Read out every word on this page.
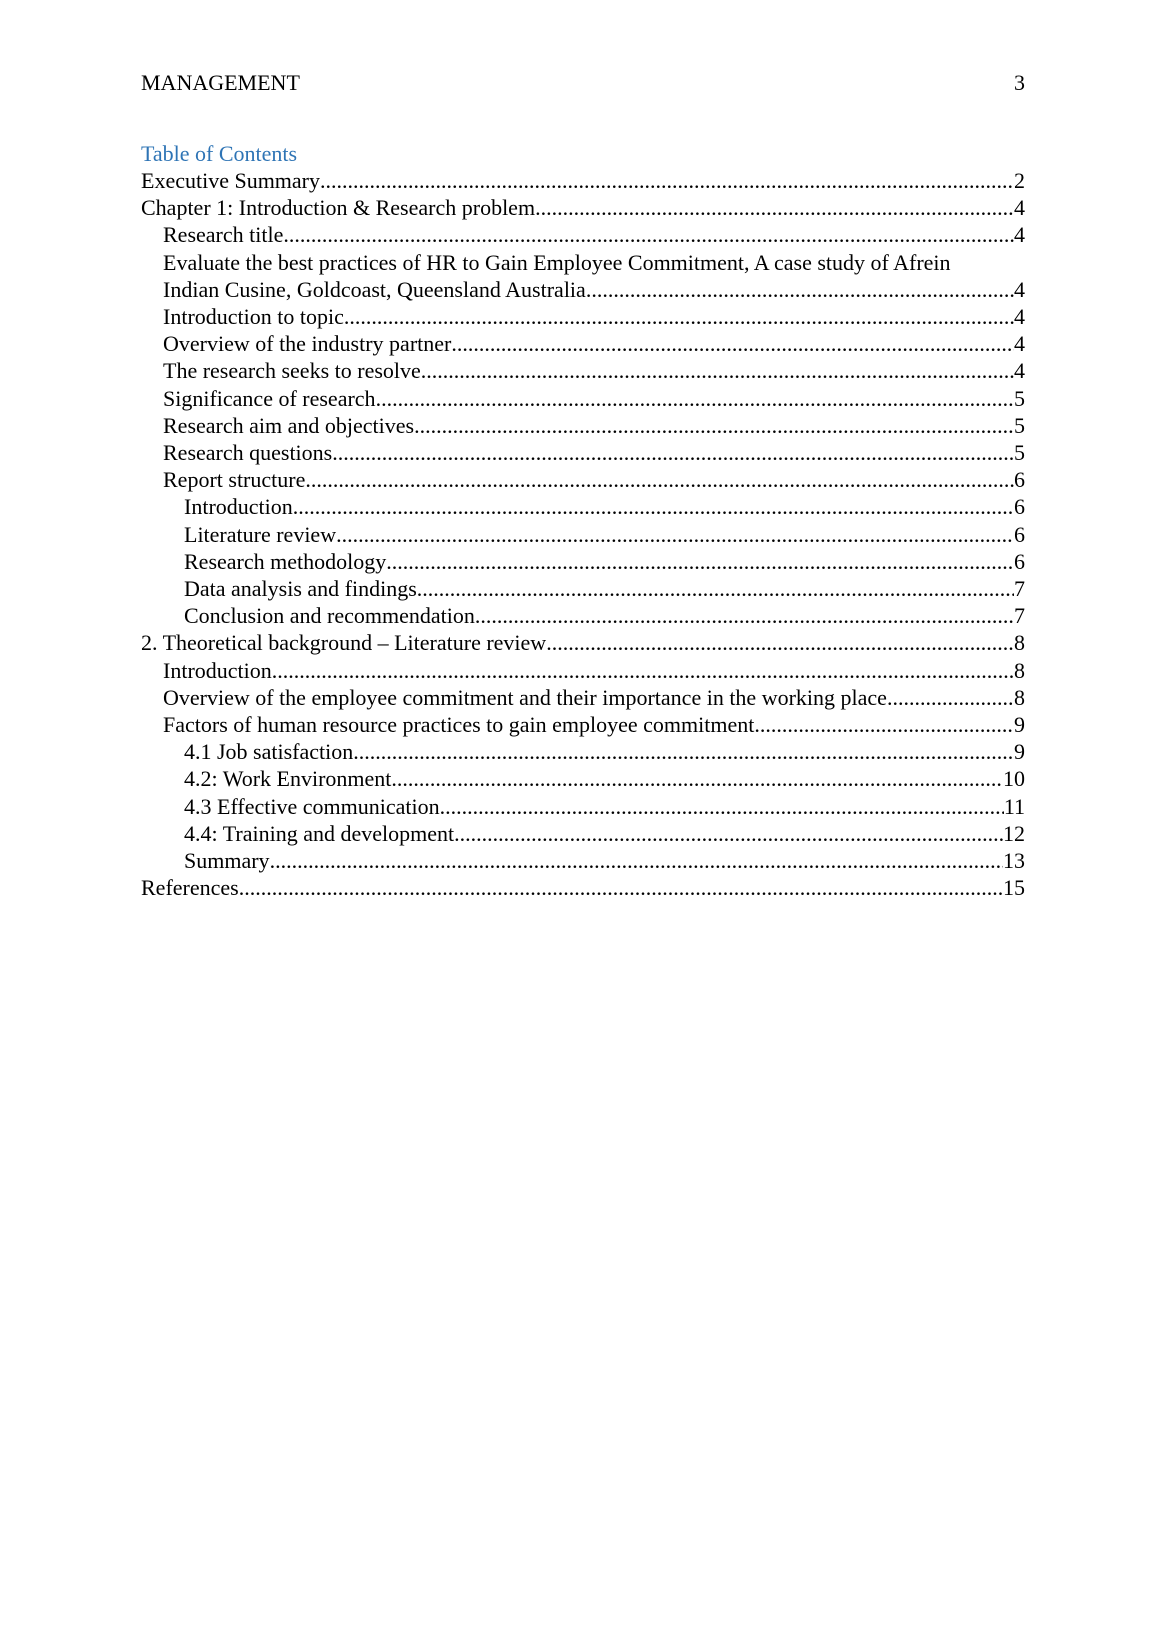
MANAGEMENT	3
Table of Contents
Executive Summary .....	2
Chapter 1: Introduction & Research problem .....	4
Research title .....	4
Evaluate the best practices of HR to Gain Employee Commitment, A case study of Afrein
Indian Cusine, Goldcoast, Queensland Australia .....	4
Introduction to topic .....	4
Overview of the industry partner .....	4
The research seeks to resolve .....	4
Significance of research .....	5
Research aim and objectives .....	5
Research questions .....	5
Report structure .....	6
Introduction .....	6
Literature review .....	6
Research methodology .....	6
Data analysis and findings .....	7
Conclusion and recommendation .....	7
2. Theoretical background – Literature review .....	8
Introduction .....	8
Overview of the employee commitment and their importance in the working place .....	8
Factors of human resource practices to gain employee commitment .....	9
4.1 Job satisfaction .....	9
4.2: Work Environment .....	10
4.3 Effective communication .....	11
4.4: Training and development .....	12
Summary .....	13
References .....	15
